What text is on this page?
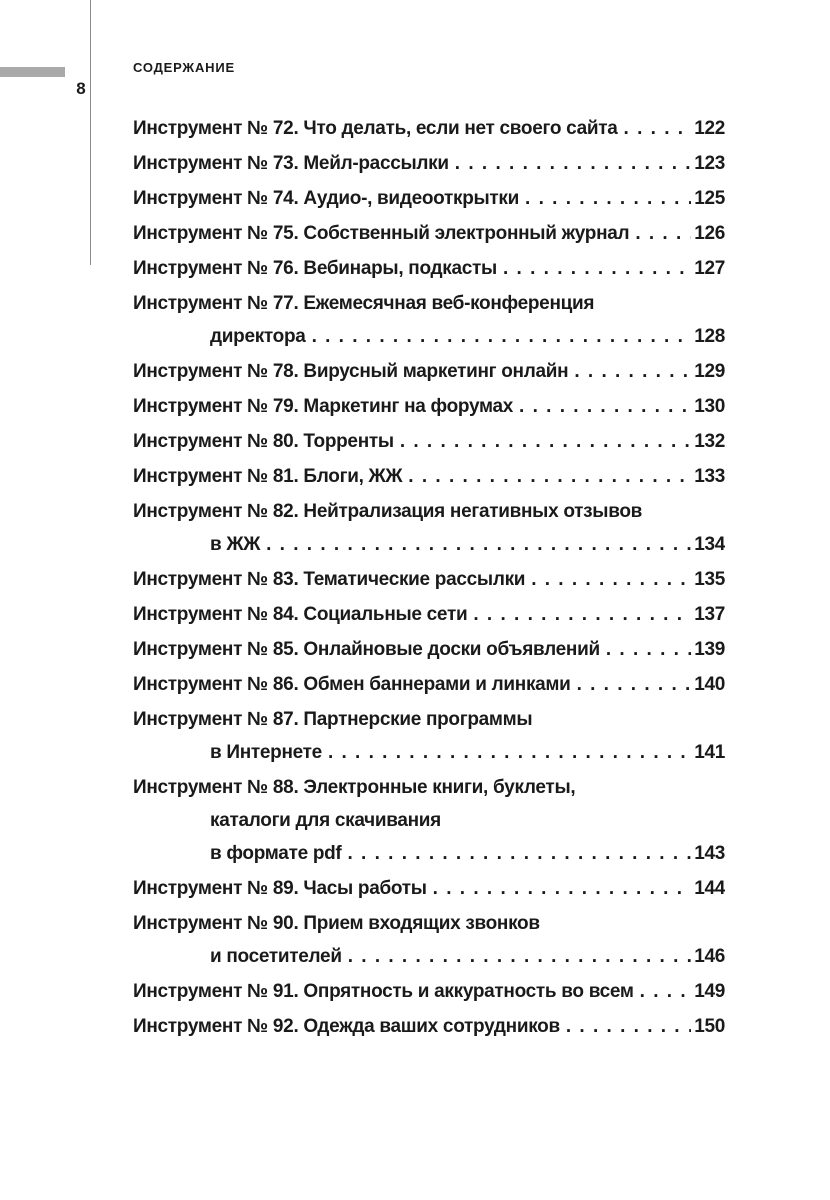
СОДЕРЖАНИЕ
8
Инструмент № 72. Что делать, если нет своего сайта . . .	122
Инструмент № 73. Мейл-рассылки . . .	123
Инструмент № 74. Аудио-, видеооткрытки . . .	125
Инструмент № 75. Собственный электронный журнал . . .	126
Инструмент № 76. Вебинары, подкасты . . .	127
Инструмент № 77. Ежемесячная веб-конференция
директора . . .	128
Инструмент № 78. Вирусный маркетинг онлайн . . .	129
Инструмент № 79. Маркетинг на форумах . . .	130
Инструмент № 80. Торренты . . .	132
Инструмент № 81. Блоги, ЖЖ . . .	133
Инструмент № 82. Нейтрализация негативных отзывов
в ЖЖ . . .	134
Инструмент № 83. Тематические рассылки . . .	135
Инструмент № 84. Социальные сети . . .	137
Инструмент № 85. Онлайновые доски объявлений . . .	139
Инструмент № 86. Обмен баннерами и линками . . .	140
Инструмент № 87. Партнерские программы
в Интернете . . .	141
Инструмент № 88. Электронные книги, буклеты,
каталоги для скачивания
в формате pdf . . .	143
Инструмент № 89. Часы работы . . .	144
Инструмент № 90. Прием входящих звонков
и посетителей . . .	146
Инструмент № 91. Опрятность и аккуратность во всем . . .	149
Инструмент № 92. Одежда ваших сотрудников . . .	150
